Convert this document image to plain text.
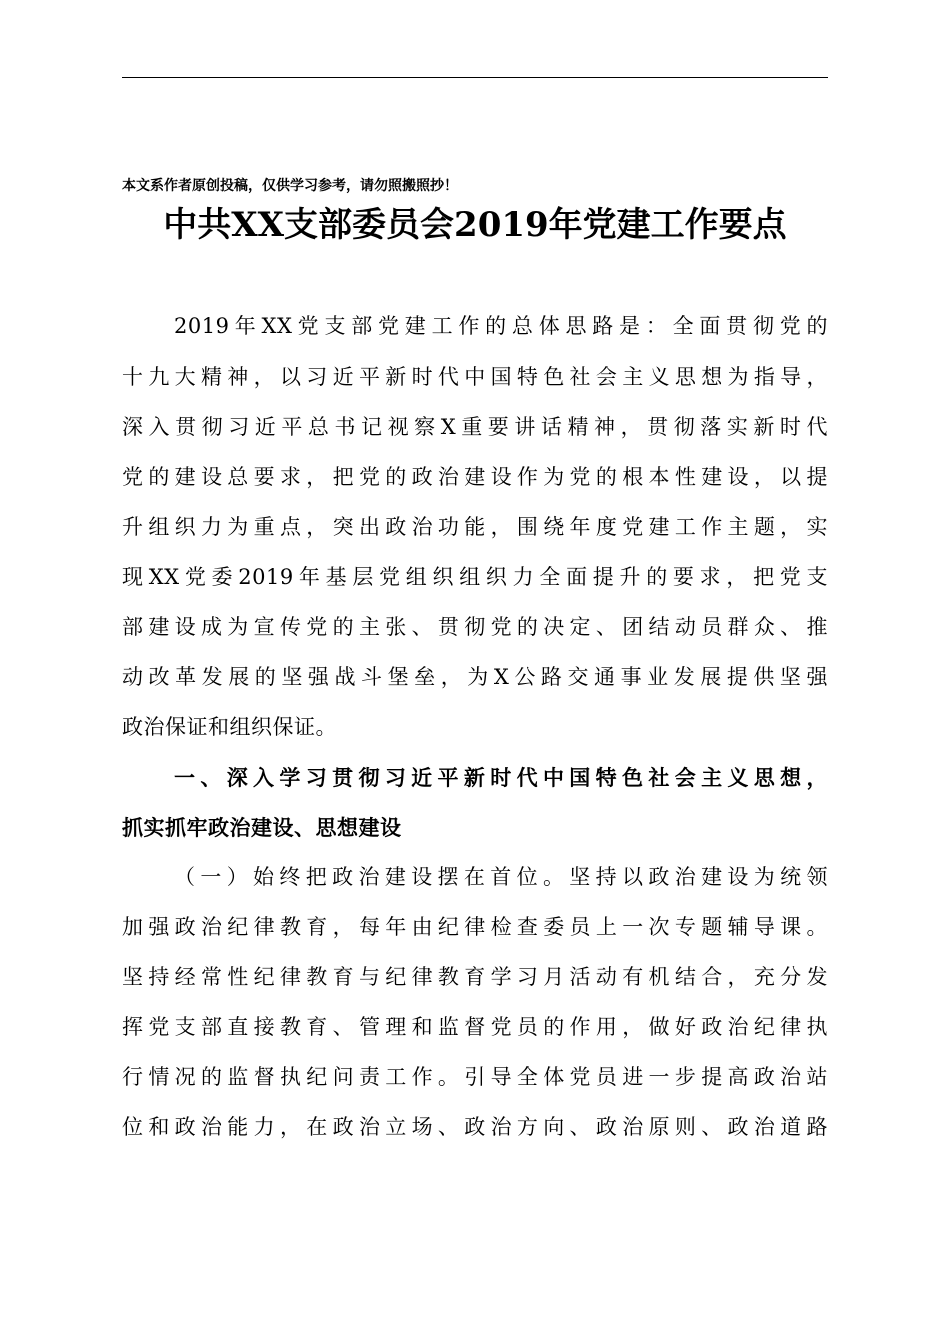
本文系作者原创投稿，仅供学习参考，请勿照搬照抄！
中共XX支部委员会2019年党建工作要点
2019年XX党支部党建工作的总体思路是：全面贯彻党的
十九大精神，以习近平新时代中国特色社会主义思想为指导，
深入贯彻习近平总书记视察X重要讲话精神，贯彻落实新时代
党的建设总要求，把党的政治建设作为党的根本性建设，以提
升组织力为重点，突出政治功能，围绕年度党建工作主题，实
现XX党委2019年基层党组织组织力全面提升的要求，把党支
部建设成为宣传党的主张、贯彻党的决定、团结动员群众、推
动改革发展的坚强战斗堡垒，为X公路交通事业发展提供坚强
政治保证和组织保证。
一、深入学习贯彻习近平新时代中国特色社会主义思想，
抓实抓牢政治建设、思想建设
（一）始终把政治建设摆在首位。坚持以政治建设为统领
加强政治纪律教育，每年由纪律检查委员上一次专题辅导课。
坚持经常性纪律教育与纪律教育学习月活动有机结合，充分发
挥党支部直接教育、管理和监督党员的作用，做好政治纪律执
行情况的监督执纪问责工作。引导全体党员进一步提高政治站
位和政治能力，在政治立场、政治方向、政治原则、政治道路
